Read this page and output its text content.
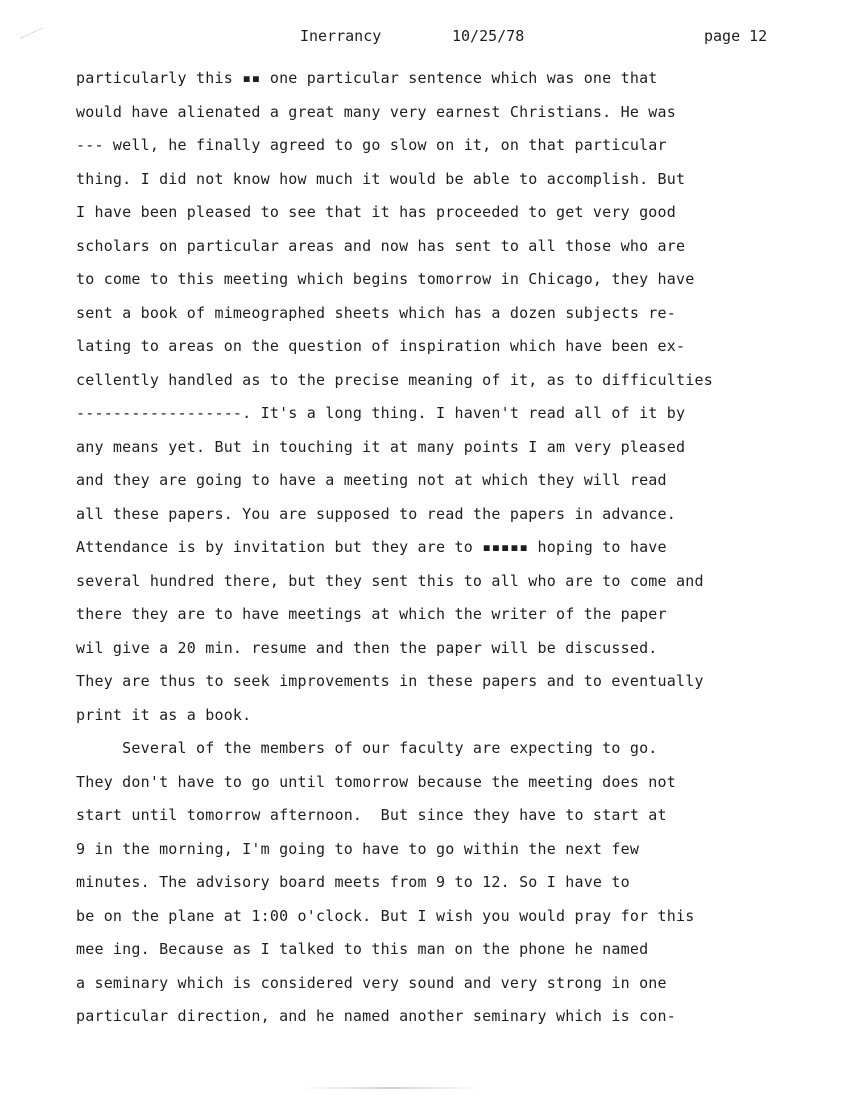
Inerrancy	10/25/78	page 12
particularly this ▪▪ one particular sentence which was one that
would have alienated a great many very earnest Christians. He was
--- well, he finally agreed to go slow on it, on that particular
thing. I did not know how much it would be able to accomplish. But
I have been pleased to see that it has proceeded to get very good
scholars on particular areas and now has sent to all those who are
to come to this meeting which begins tomorrow in Chicago, they have
sent a book of mimeographed sheets which has a dozen subjects re-
lating to areas on the question of inspiration which have been ex-
cellently handled as to the precise meaning of it, as to difficulties
------------------. It's a long thing. I haven't read all of it by
any means yet. But in touching it at many points I am very pleased
and they are going to have a meeting not at which they will read
all these papers. You are supposed to read the papers in advance.
Attendance is by invitation but they are to ▪▪▪▪▪ hoping to have
several hundred there, but they sent this to all who are to come and
there they are to have meetings at which the writer of the paper
wil give a 20 min. resume and then the paper will be discussed.
They are thus to seek improvements in these papers and to eventually
print it as a book.
Several of the members of our faculty are expecting to go.
They don't have to go until tomorrow because the meeting does not
start until tomorrow afternoon.  But since they have to start at
9 in the morning, I'm going to have to go within the next few
minutes. The advisory board meets from 9 to 12. So I have to
be on the plane at 1:00 o'clock. But I wish you would pray for this
mee ing. Because as I talked to this man on the phone he named
a seminary which is considered very sound and very strong in one
particular direction, and he named another seminary which is con-
